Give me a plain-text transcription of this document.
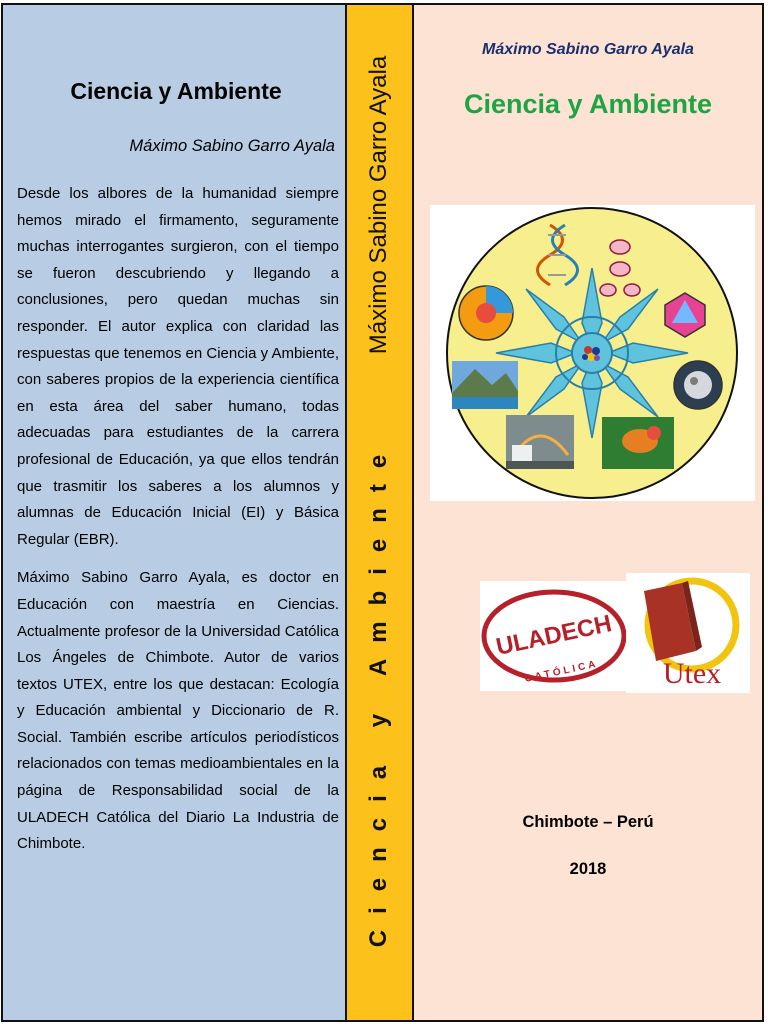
Ciencia y Ambiente
Máximo Sabino Garro Ayala

Desde los albores de la humanidad siempre hemos mirado el firmamento, seguramente muchas interrogantes surgieron, con el tiempo se fueron descubriendo y llegando a conclusiones, pero quedan muchas sin responder. El autor explica con claridad las respuestas que tenemos en Ciencia y Ambiente, con saberes propios de la experiencia científica en esta área del saber humano, todas adecuadas para estudiantes de la carrera profesional de Educación, ya que ellos tendrán que trasmitir los saberes a los alumnos y alumnas de Educación Inicial (EI) y Básica Regular (EBR).

Máximo Sabino Garro Ayala, es doctor en Educación con maestría en Ciencias. Actualmente profesor de la Universidad Católica Los Ángeles de Chimbote. Autor de varios textos UTEX, entre los que destacan: Ecología y Educación ambiental y Diccionario de R. Social. También escribe artículos periodísticos relacionados con temas medioambientales en la página de Responsabilidad social de la ULADECH Católica del Diario La Industria de Chimbote.

Máximo Sabino Garro Ayala
Ciencia y Ambiente
Máximo Sabino Garro Ayala
Ciencia y Ambiente
ULADECH
CATÓLICA Utex
Chimbote – Perú
2018
